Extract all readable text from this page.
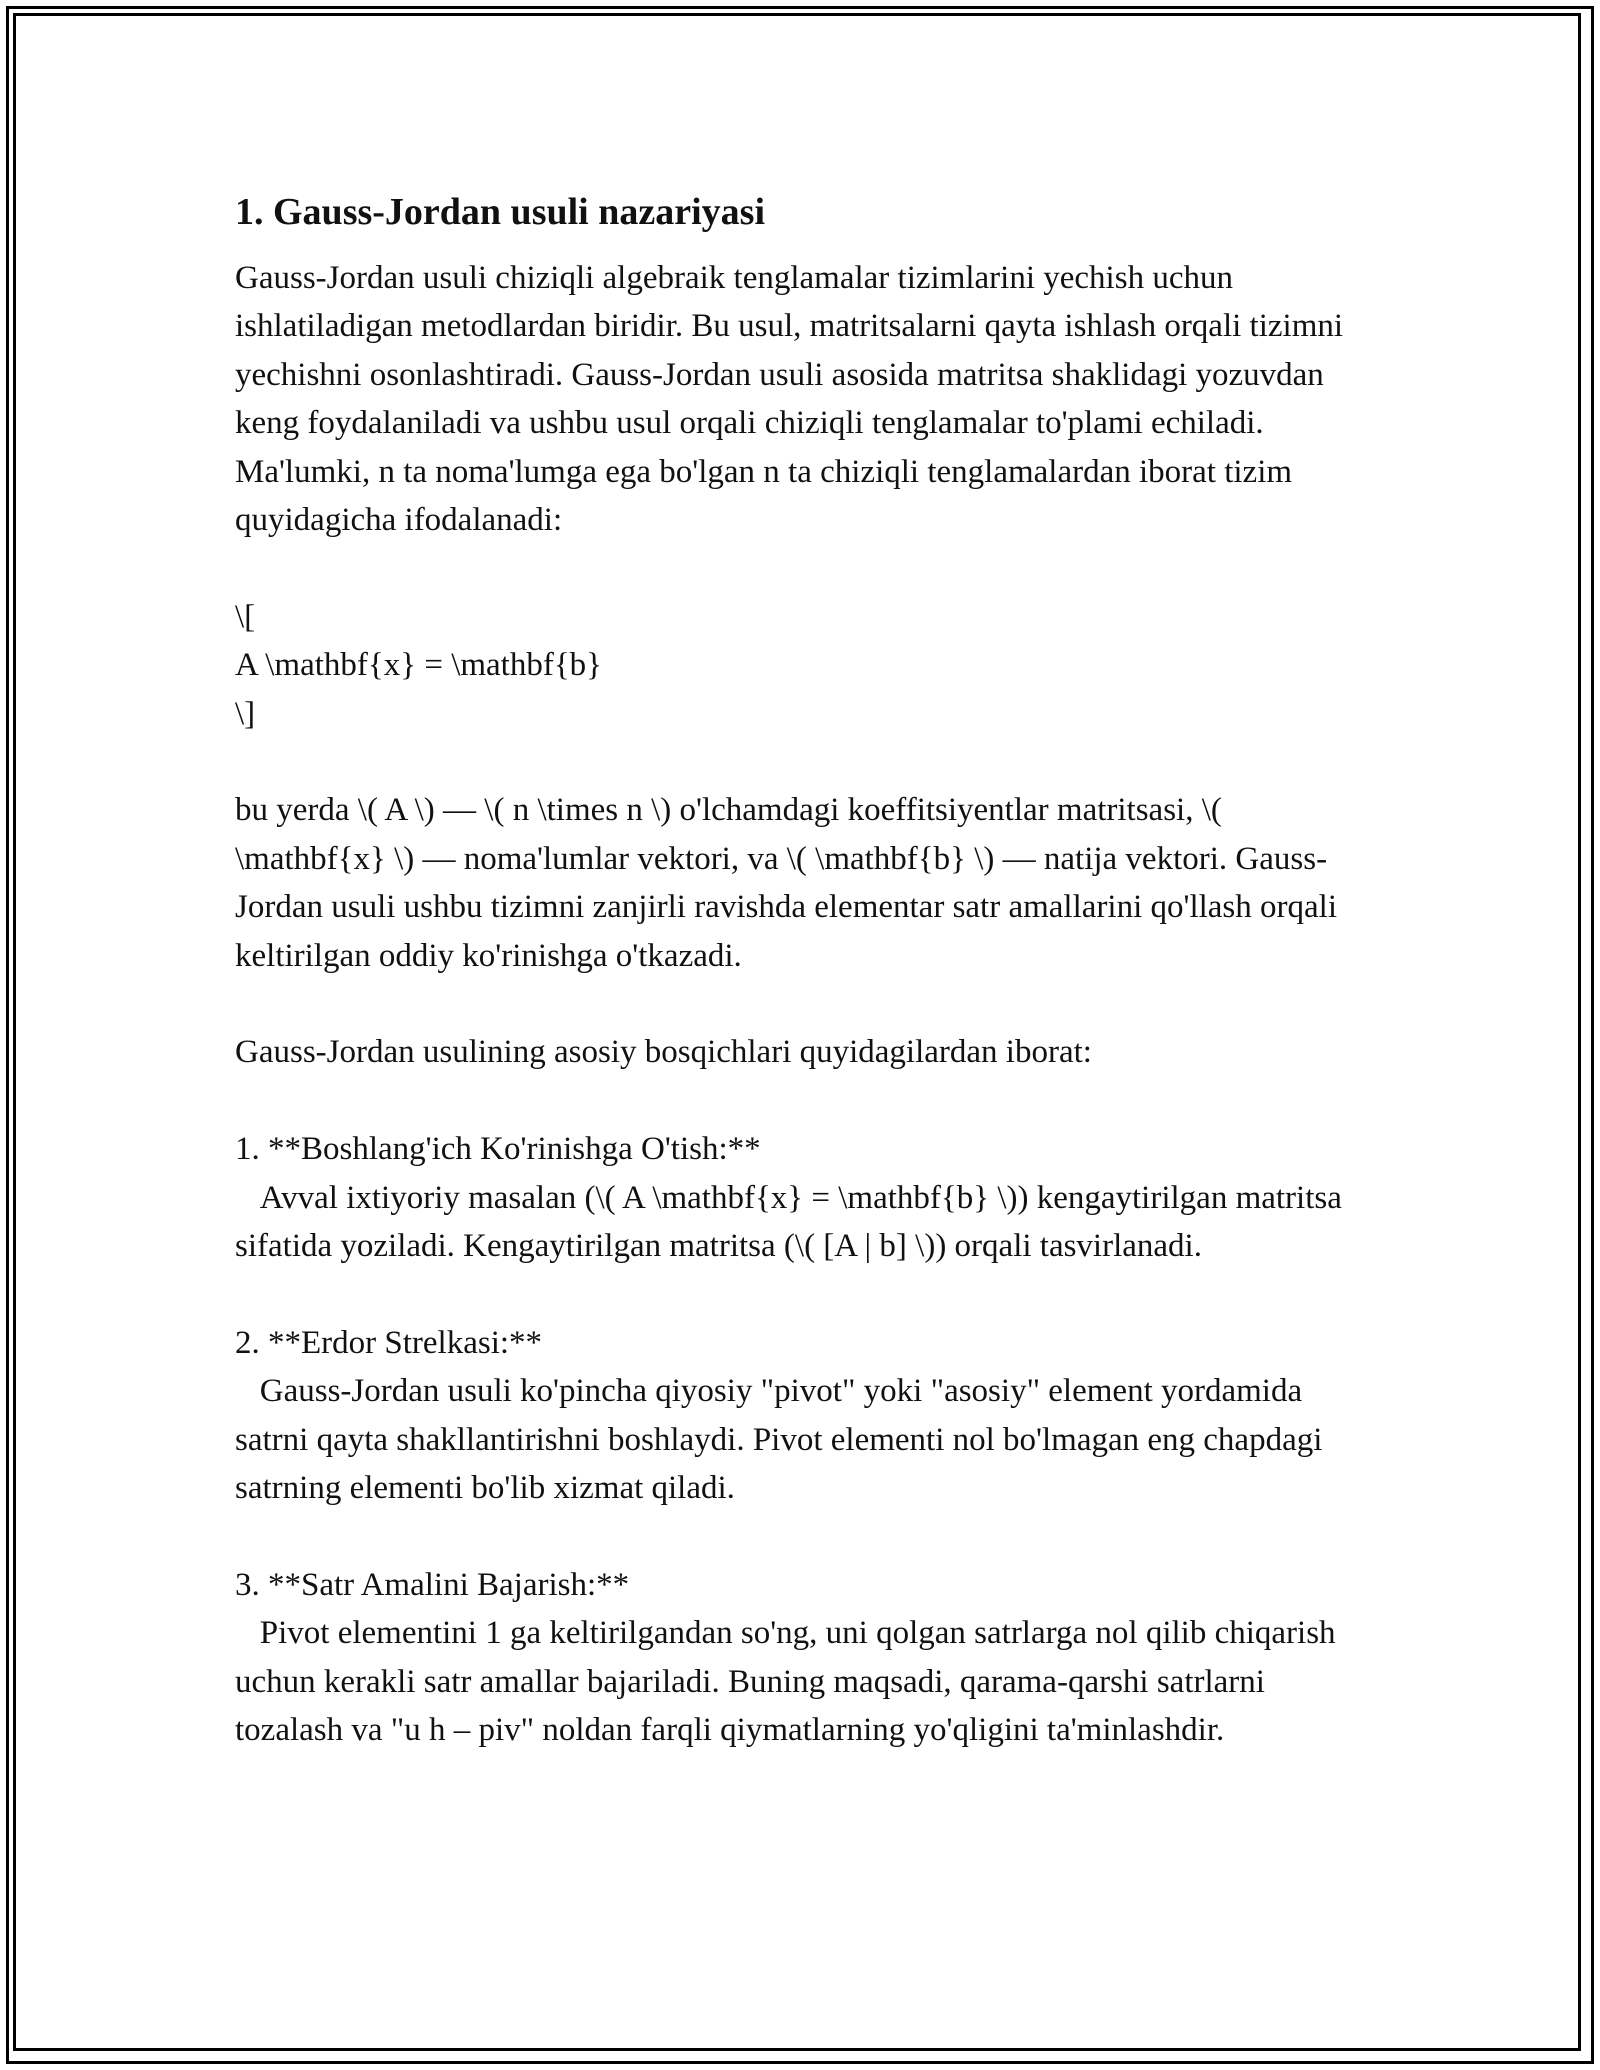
1. Gauss-Jordan usuli nazariyasi

Gauss-Jordan usuli chiziqli algebraik tenglamalar tizimlarini yechish uchun ishlatiladigan metodlardan biridir. Bu usul, matritsalarni qayta ishlash orqali tizimni yechishni osonlashtiradi. Gauss-Jordan usuli asosida matritsa shaklidagi yozuvdan keng foydalaniladi va ushbu usul orqali chiziqli tenglamalar to'plami echiladi. Ma'lumki, n ta noma'lumga ega bo'lgan n ta chiziqli tenglamalardan iborat tizim quyidagicha ifodalanadi:

\[

A \mathbf{x} = \mathbf{b}

\]

bu yerda \( A \) — \( n \times n \) o'lchamdagi koeffitsiyentlar matritsasi, \( \mathbf{x} \) — noma'lumlar vektori, va \( \mathbf{b} \) — natija vektori. Gauss-Jordan usuli ushbu tizimni zanjirli ravishda elementar satr amallarini qo'llash orqali keltirilgan oddiy ko'rinishga o'tkazadi.

Gauss-Jordan usulining asosiy bosqichlari quyidagilardan iborat:

1. **Boshlang'ich Ko'rinishga O'tish:**

Avval ixtiyoriy masalan (\( A \mathbf{x} = \mathbf{b} \)) kengaytirilgan matritsa sifatida yoziladi. Kengaytirilgan matritsa (\( [A | b] \)) orqali tasvirlanadi.

2. **Erdor Strelkasi:**

Gauss-Jordan usuli ko'pincha qiyosiy "pivot" yoki "asosiy" element yordamida satrni qayta shakllantirishni boshlaydi. Pivot elementi nol bo'lmagan eng chapdagi satrning elementi bo'lib xizmat qiladi.

3. **Satr Amalini Bajarish:**

Pivot elementini 1 ga keltirilgandan so'ng, uni qolgan satrlarga nol qilib chiqarish uchun kerakli satr amallar bajariladi. Buning maqsadi, qarama-qarshi satrlarni tozalash va "u h – piv" noldan farqli qiymatlarning yo'qligini ta'minlashdir.
